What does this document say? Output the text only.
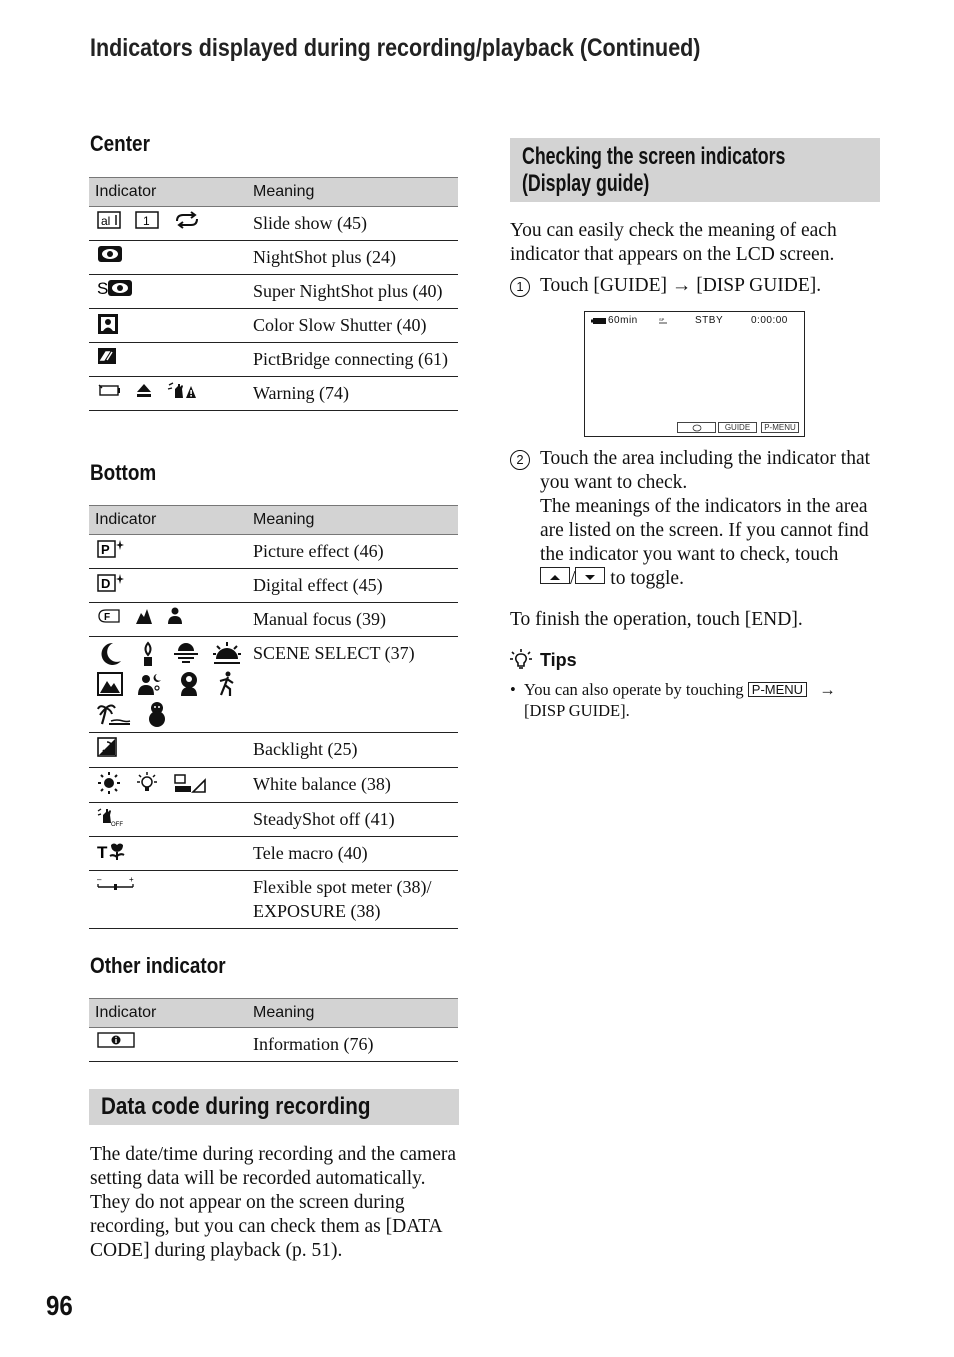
Indicators displayed during recording/playback (Continued)
Center
Indicator	Meaning

al 1	Slide show (45)

	NightShot plus (24)

S	Super NightShot plus (40)

	Color Slow Shutter (40)

	PictBridge connecting (61)

	Warning (74)
Bottom
Indicator	Meaning

P	Picture effect (46)

D	Digital effect (45)

F	Manual focus (39)

	SCENE SELECT (37)

	Backlight (25)

	White balance (38)

OFF	SteadyShot off (41)

T	Tele macro (40)

– +	Flexible spot meter (38)/ EXPOSURE (38)
Other indicator
Indicator	Meaning

	Information (76)
Data code during recording
The date/time during recording and the camera setting data will be recorded automatically. They do not appear on the screen during recording, but you can check them as [DATA CODE] during playback (p. 51).
96
Checking the screen indicators
(Display guide)
You can easily check the meaning of each indicator that appears on the LCD screen.
1 Touch [GUIDE] → [DISP GUIDE].
60min	SP	STBY	0:00:00
GUIDE	P-MENU
2 Touch the area including the indicator that you want to check.
The meanings of the indicators in the area are listed on the screen. If you cannot find the indicator you want to check, touch / to toggle.
To finish the operation, touch [END].
Tips
• You can also operate by touching P-MENU →
[DISP GUIDE].
